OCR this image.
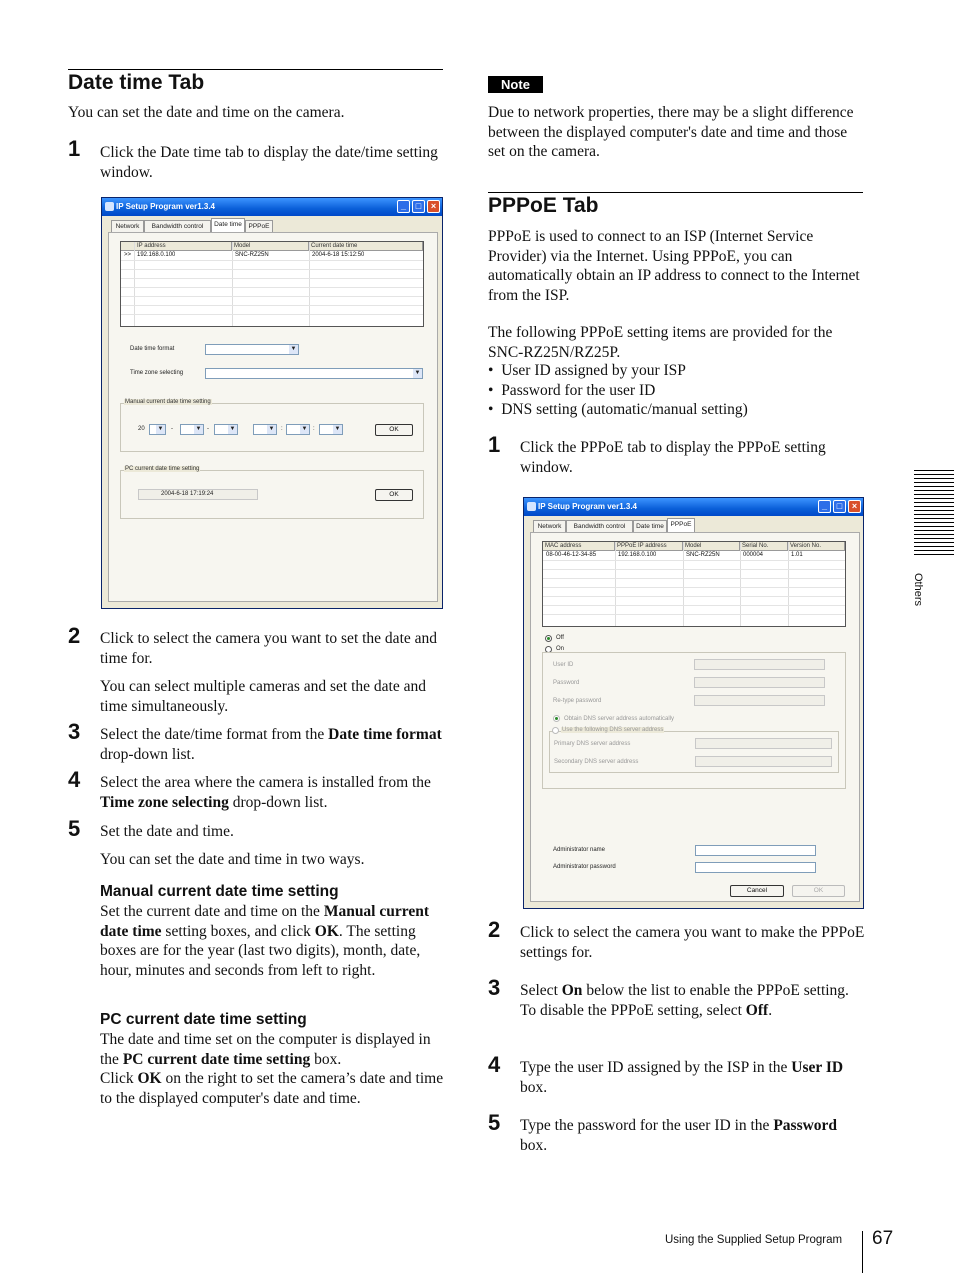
Date time Tab

You can set the date and time on the camera.

1 Click the Date time tab to display the date/time setting window.

IP Setup Program ver1.3.4	_	□	×
Network	Bandwidth control	Date time	PPPoE
IP address	Model	Current date time
>> 192.168.0.100	SNC-RZ25N	2004-6-18 15:12:50
Date time format	▼
Time zone selecting	▼
Manual current date time setting
20 ▼ -	▼ -	▼	▼ :	▼ :	▼	OK
PC current date time setting
2004-6-18 17:19:24	OK
2 Click to select the camera you want to set the date and time for.

You can select multiple cameras and set the date and time simultaneously.

3 Select the date/time format from the Date time format drop-down list.

4 Select the area where the camera is installed from the Time zone selecting drop-down list.

5 Set the date and time.

You can set the date and time in two ways.

Manual current date time setting

Set the current date and time on the Manual current date time setting boxes, and click OK. The setting boxes are for the year (last two digits), month, date, hour, minutes and seconds from left to right.

PC current date time setting

The date and time set on the computer is displayed in the PC current date time setting box.
Click OK on the right to set the camera’s date and time to the displayed computer's date and time.

Note

Due to network properties, there may be a slight difference between the displayed computer's date and time and those set on the camera.

PPPoE Tab

PPPoE is used to connect to an ISP (Internet Service Provider) via the Internet. Using PPPoE, you can automatically obtain an IP address to connect to the Internet from the ISP.

The following PPPoE setting items are provided for the SNC-RZ25N/RZ25P.

•  User ID assigned by your ISP

•  Password for the user ID

•  DNS setting (automatic/manual setting)

1 Click the PPPoE tab to display the PPPoE setting window.

IP Setup Program ver1.3.4	_	□	×
Network	Bandwidth control	Date time	PPPoE
MAC address	PPPoE IP address	Model	Serial No.	Version No.
08-00-46-12-34-85	192.168.0.100	SNC-RZ25N	000004	1.01
Off
On
User ID
Password
Re-type password
Obtain DNS server address automatically
Use the following DNS server address
Primary DNS server address
Secondary DNS server address
Administrator name
Administrator password
Cancel	OK
2 Click to select the camera you want to make the PPPoE settings for.

3 Select On below the list to enable the PPPoE setting.
To disable the PPPoE setting, select Off.

4 Type the user ID assigned by the ISP in the User ID box.

5 Type the password for the user ID in the Password box.

Others
Using the Supplied Setup Program 67
